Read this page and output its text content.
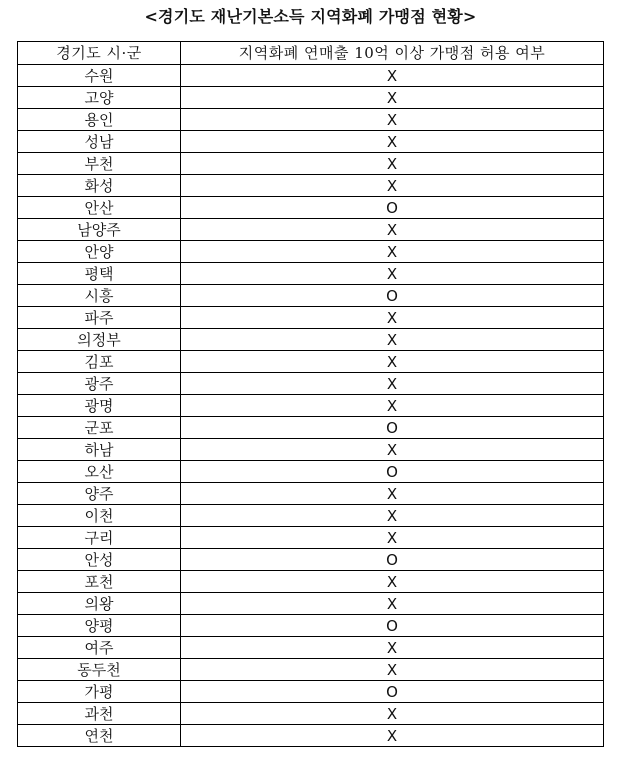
<경기도 재난기본소득 지역화폐 가맹점 현황>
경기도 시·군	지역화폐 연매출 10억 이상 가맹점 허용 여부
수원	X
고양	X
용인	X
성남	X
부천	X
화성	X
안산	O
남양주	X
안양	X
평택	X
시흥	O
파주	X
의정부	X
김포	X
광주	X
광명	X
군포	O
하남	X
오산	O
양주	X
이천	X
구리	X
안성	O
포천	X
의왕	X
양평	O
여주	X
동두천	X
가평	O
과천	X
연천	X
